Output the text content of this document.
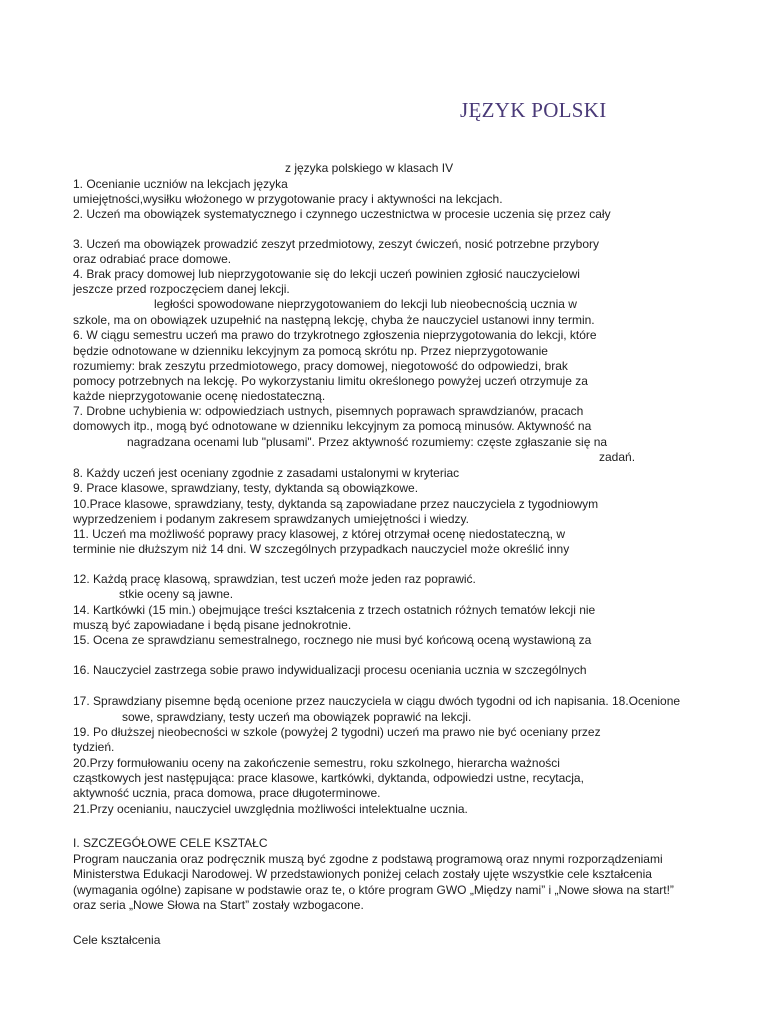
JĘZYK POLSKI
z języka polskiego w klasach IV
1. Ocenianie uczniów na lekcjach języka
umiejętności,wysiłku włożonego w przygotowanie pracy i aktywności na lekcjach.
2. Uczeń ma obowiązek systematycznego i czynnego uczestnictwa w procesie uczenia się przez cały
3. Uczeń ma obowiązek prowadzić zeszyt przedmiotowy, zeszyt ćwiczeń, nosić potrzebne przybory
oraz odrabiać prace domowe.
4. Brak pracy domowej lub nieprzygotowanie się do lekcji uczeń powinien zgłosić nauczycielowi
jeszcze przed rozpoczęciem danej lekcji.
ległości spowodowane nieprzygotowaniem do lekcji lub nieobecnością ucznia w
szkole, ma on obowiązek uzupełnić na następną lekcję, chyba że nauczyciel ustanowi inny termin.
6. W ciągu semestru uczeń ma prawo do trzykrotnego zgłoszenia nieprzygotowania do lekcji, które
będzie odnotowane w dzienniku lekcyjnym za pomocą skrótu np. Przez nieprzygotowanie
rozumiemy: brak zeszytu przedmiotowego, pracy domowej, niegotowość do odpowiedzi, brak
pomocy potrzebnych na lekcję. Po wykorzystaniu limitu określonego powyżej uczeń otrzymuje za
każde nieprzygotowanie ocenę niedostateczną.
7. Drobne uchybienia w: odpowiedziach ustnych, pisemnych poprawach sprawdzianów, pracach
domowych itp., mogą być odnotowane w dzienniku lekcyjnym za pomocą minusów. Aktywność na
nagradzana ocenami lub "plusami". Przez aktywność rozumiemy: częste zgłaszanie się na
zadań.
8. Każdy uczeń jest oceniany zgodnie z zasadami ustalonymi w kryteriac
9. Prace klasowe, sprawdziany, testy, dyktanda są obowiązkowe.
10.Prace klasowe, sprawdziany, testy, dyktanda są zapowiadane przez nauczyciela z tygodniowym
wyprzedzeniem i podanym zakresem sprawdzanych umiejętności i wiedzy.
11. Uczeń ma możliwość poprawy pracy klasowej, z której otrzymał ocenę niedostateczną, w
terminie nie dłuższym niż 14 dni. W szczególnych przypadkach nauczyciel może określić inny
12. Każdą pracę klasową, sprawdzian, test uczeń może jeden raz poprawić.
stkie oceny są jawne.
14. Kartkówki (15 min.) obejmujące treści kształcenia z trzech ostatnich różnych tematów lekcji nie
muszą być zapowiadane i będą pisane jednokrotnie.
15. Ocena ze sprawdzianu semestralnego, rocznego nie musi być końcową oceną wystawioną za
16. Nauczyciel zastrzega sobie prawo indywidualizacji procesu oceniania ucznia w szczególnych
17. Sprawdziany pisemne będą ocenione przez nauczyciela w ciągu dwóch tygodni od ich napisania. 18.Ocenione
sowe, sprawdziany, testy uczeń ma obowiązek poprawić na lekcji.
19. Po dłuższej nieobecności w szkole (powyżej 2 tygodni) uczeń ma prawo nie być oceniany przez
tydzień.
20.Przy formułowaniu oceny na zakończenie semestru, roku szkolnego, hierarcha ważności
cząstkowych jest następująca: prace klasowe, kartkówki, dyktanda, odpowiedzi ustne, recytacja,
aktywność ucznia, praca domowa, prace długoterminowe.
21.Przy ocenianiu, nauczyciel uwzględnia możliwości intelektualne ucznia.
I. SZCZEGÓŁOWE CELE KSZTAŁC
Program nauczania oraz podręcznik muszą być zgodne z podstawą programową oraz nnymi rozporządzeniami
Ministerstwa Edukacji Narodowej. W przedstawionych poniżej celach zostały ujęte wszystkie cele kształcenia
(wymagania ogólne) zapisane w podstawie oraz te, o które program GWO „Między nami” i „Nowe słowa na start!”
oraz seria „Nowe Słowa na Start” zostały wzbogacone.
Cele kształcenia
